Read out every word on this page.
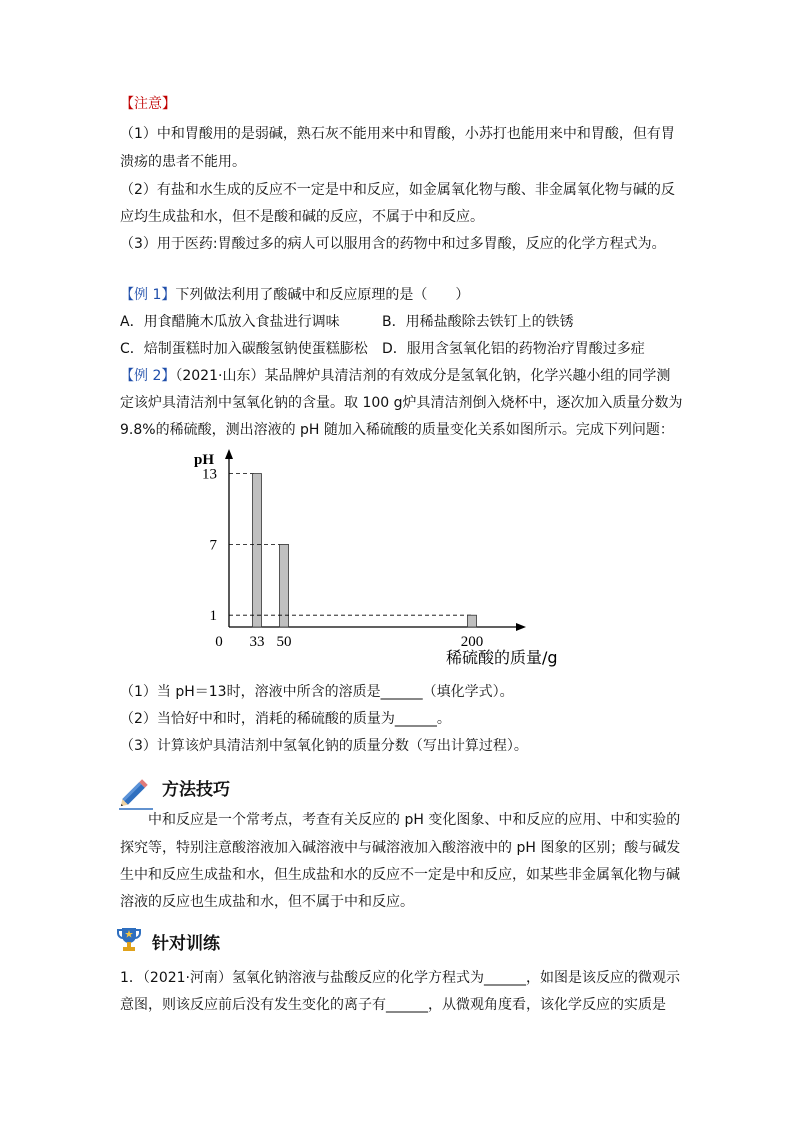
【注意】
（1）中和胃酸用的是弱碱，熟石灰不能用来中和胃酸，小苏打也能用来中和胃酸，但有胃
溃疡的患者不能用。
（2）有盐和水生成的反应不一定是中和反应，如金属氧化物与酸、非金属氧化物与碱的反
应均生成盐和水，但不是酸和碱的反应，不属于中和反应。
（3）用于医药:胃酸过多的病人可以服用含的药物中和过多胃酸，反应的化学方程式为。
【例 1】下列做法利用了酸碱中和反应原理的是（　　）
A．用食醋腌木瓜放入食盐进行调味	B．用稀盐酸除去铁钉上的铁锈
C．焙制蛋糕时加入碳酸氢钠使蛋糕膨松 D．服用含氢氧化铝的药物治疗胃酸过多症
【例 2】（2021·山东）某品牌炉具清洁剂的有效成分是氢氧化钠，化学兴趣小组的同学测
定该炉具清洁剂中氢氧化钠的含量。取 100 g炉具清洁剂倒入烧杯中，逐次加入质量分数为
9.8%的稀硫酸，测出溶液的 pH 随加入稀硫酸的质量变化关系如图所示。完成下列问题：
1
7
13
33 50	200
0
pH
稀硫酸的质量/g
（1）当 pH＝13时，溶液中所含的溶质是______（填化学式）。
（2）当恰好中和时，消耗的稀硫酸的质量为______。
（3）计算该炉具清洁剂中氢氧化钠的质量分数（写出计算过程）。
方法技巧
中和反应是一个常考点，考查有关反应的 pH 变化图象、中和反应的应用、中和实验的
探究等，特别注意酸溶液加入碱溶液中与碱溶液加入酸溶液中的 pH 图象的区别；酸与碱发
生中和反应生成盐和水，但生成盐和水的反应不一定是中和反应，如某些非金属氧化物与碱
溶液的反应也生成盐和水，但不属于中和反应。
针对训练
1．（2021·河南）氢氧化钠溶液与盐酸反应的化学方程式为______，如图是该反应的微观示
意图，则该反应前后没有发生变化的离子有______，从微观角度看，该化学反应的实质是
